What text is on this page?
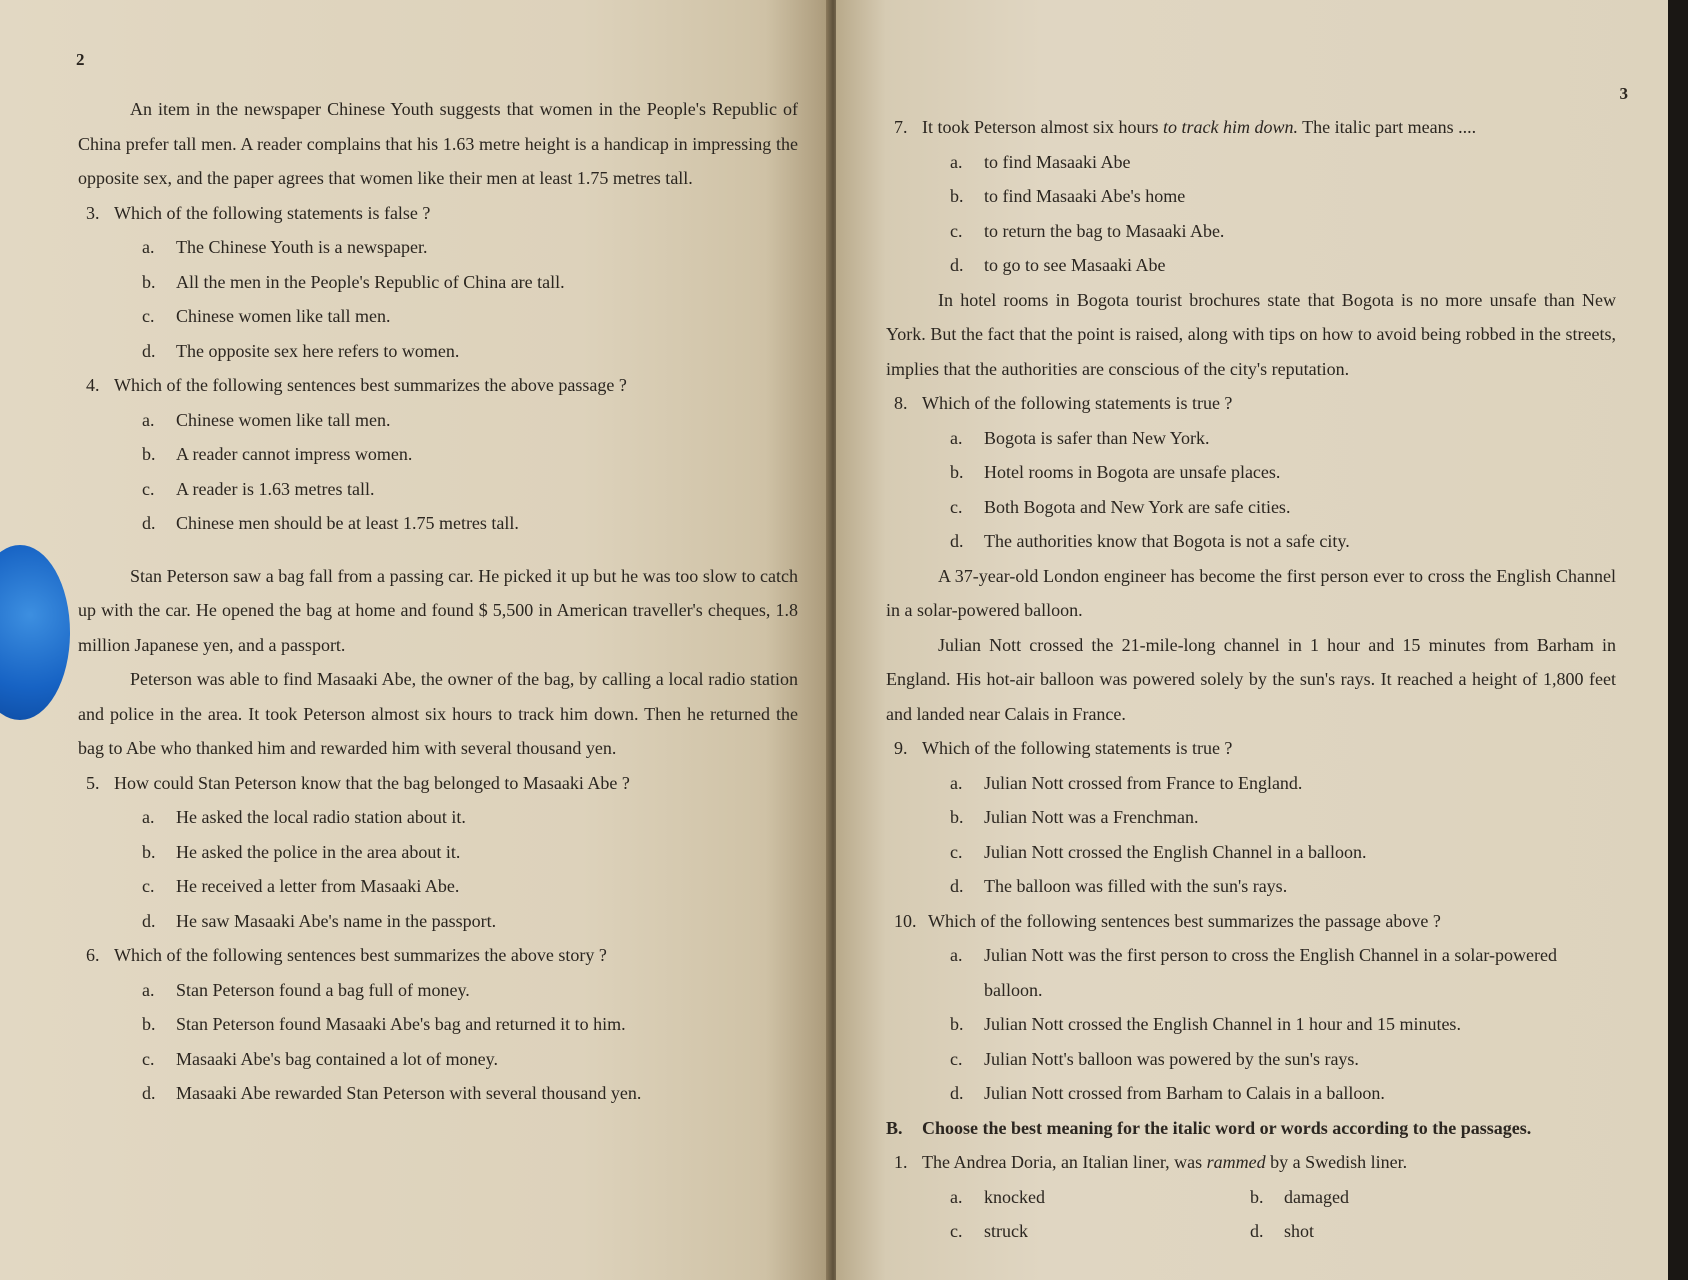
2

An item in the newspaper Chinese Youth suggests that women in the People's Republic of China prefer tall men. A reader complains that his 1.63 metre height is a handicap in impressing the opposite sex, and the paper agrees that women like their men at least 1.75 metres tall.

3. Which of the following statements is false ?
a. The Chinese Youth is a newspaper.
b. All the men in the People's Republic of China are tall.
c. Chinese women like tall men.
d. The opposite sex here refers to women.
4. Which of the following sentences best summarizes the above passage ?
a. Chinese women like tall men.
b. A reader cannot impress women.
c. A reader is 1.63 metres tall.
d. Chinese men should be at least 1.75 metres tall.

Stan Peterson saw a bag fall from a passing car. He picked it up but he was too slow to catch up with the car. He opened the bag at home and found $ 5,500 in American traveller's cheques, 1.8 million Japanese yen, and a passport.

Peterson was able to find Masaaki Abe, the owner of the bag, by calling a local radio station and police in the area. It took Peterson almost six hours to track him down. Then he returned the bag to Abe who thanked him and rewarded him with several thousand yen.

5. How could Stan Peterson know that the bag belonged to Masaaki Abe ?
a. He asked the local radio station about it.
b. He asked the police in the area about it.
c. He received a letter from Masaaki Abe.
d. He saw Masaaki Abe's name in the passport.
6. Which of the following sentences best summarizes the above story ?
a. Stan Peterson found a bag full of money.
b. Stan Peterson found Masaaki Abe's bag and returned it to him.
c. Masaaki Abe's bag contained a lot of money.
d. Masaaki Abe rewarded Stan Peterson with several thousand yen.
3
7. It took Peterson almost six hours to track him down. The italic part means ....
a. to find Masaaki Abe
b. to find Masaaki Abe's home
c. to return the bag to Masaaki Abe.
d. to go to see Masaaki Abe

In hotel rooms in Bogota tourist brochures state that Bogota is no more unsafe than New York. But the fact that the point is raised, along with tips on how to avoid being robbed in the streets, implies that the authorities are conscious of the city's reputation.

8. Which of the following statements is true ?
a. Bogota is safer than New York.
b. Hotel rooms in Bogota are unsafe places.
c. Both Bogota and New York are safe cities.
d. The authorities know that Bogota is not a safe city.

A 37-year-old London engineer has become the first person ever to cross the English Channel in a solar-powered balloon.

Julian Nott crossed the 21-mile-long channel in 1 hour and 15 minutes from Barham in England. His hot-air balloon was powered solely by the sun's rays. It reached a height of 1,800 feet and landed near Calais in France.

9. Which of the following statements is true ?
a. Julian Nott crossed from France to England.
b. Julian Nott was a Frenchman.
c. Julian Nott crossed the English Channel in a balloon.
d. The balloon was filled with the sun's rays.
10. Which of the following sentences best summarizes the passage above ?
a. Julian Nott was the first person to cross the English Channel in a solar-powered balloon.
b. Julian Nott crossed the English Channel in 1 hour and 15 minutes.
c. Julian Nott's balloon was powered by the sun's rays.
d. Julian Nott crossed from Barham to Calais in a balloon.
B. Choose the best meaning for the italic word or words according to the passages.
1. The Andrea Doria, an Italian liner, was rammed by a Swedish liner.
a. knocked	b. damaged
c. struck	d. shot
